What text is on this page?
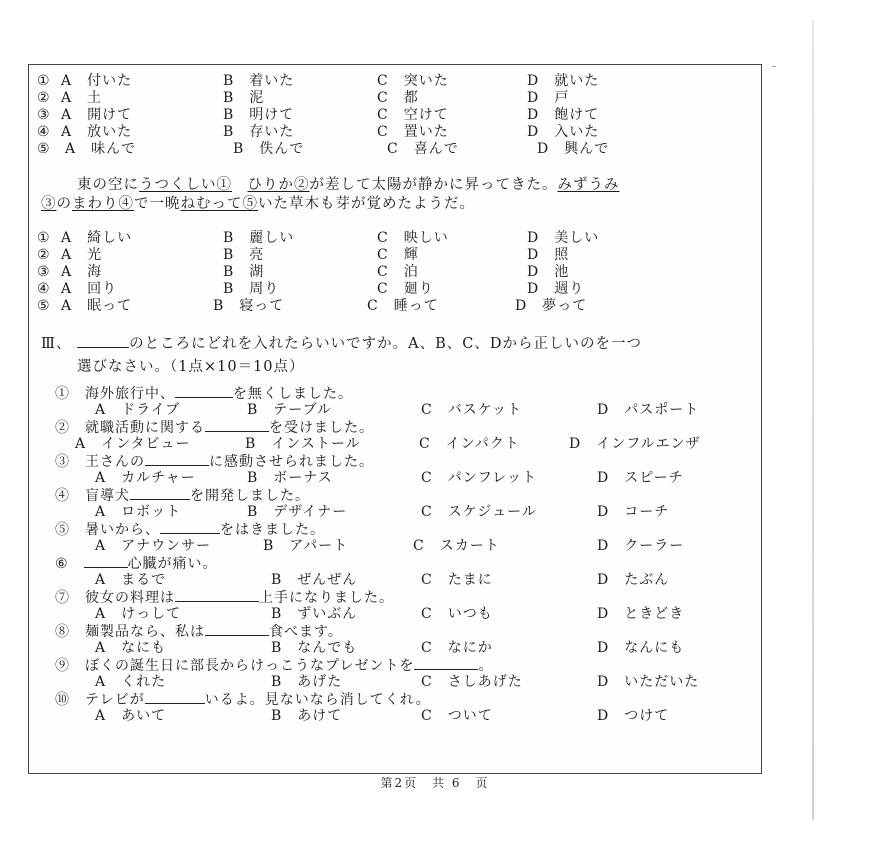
① A　付いた	B　着いた	C　突いた	D　就いた
② A　土	B　泥	C　都	D　戸
③ A　開けて	B　明けて	C　空けて	D　飽けて
④ A　放いた	B　存いた	C　置いた	D　入いた
⑤ A　味んで	B　佚んで	C　喜んで	D　興んで
東の空にうつくしい①　 ひりか②が差して太陽が静かに昇ってきた。みずうみ
③のまわり④で一晩ねむって⑤いた草木も芽が覚めたようだ。
① A　綺しい	B　麗しい	C　映しい	D　美しい
② A　光	B　亮	C　輝	D　照
③ A　海	B　湖	C　泊	D　池
④ A　回り	B　周り	C　廻り	D　週り
⑤ A　眠って	B　寝って	C　睡って	D　夢って
Ⅲ、	のところにどれを入れたらいいですか。A、B、C、Dから正しいのを一つ
選びなさい。（1点×10＝10点）
①　 海外旅行中、	を無くしました。
A　ドライブ	B　テーブル	C　バスケット	D　パスポート
②　 就職活動に関する	を受けました。
A　インタビュー	B　インストール	C　インパクト	D　インフルエンザ
③　 王さんの	に感動させられました。
A　カルチャー	B　ボーナス	C　パンフレット	D　スピーチ
④　 盲導犬	を開発しました。
A　ロボット	B　デザイナー	C　スケジュール	D　コーチ
⑤　 暑いから、	をはきました。
A　アナウンサー	B　アパート	C　スカート	D　クーラー
⑥　	心臓が痛い。
A　まるで	B　ぜんぜん	C　たまに	D　たぶん
⑦　 彼女の料理は	上手になりました。
A　けっして	B　ずいぶん	C　いつも	D　ときどき
⑧　 麺製品なら、私は	食べます。
A　なにも	B　なんでも	C　なにか	D　なんにも
⑨　 ぼくの誕生日に部長からけっこうなプレゼントを	。
A　くれた	B　あげた	C　さしあげた	D　いただいた
⑩　 テレビが	いるよ。見ないなら消してくれ。
A　あいて	B　あけて	C　ついて	D　つけて
第2页　共 6　页
